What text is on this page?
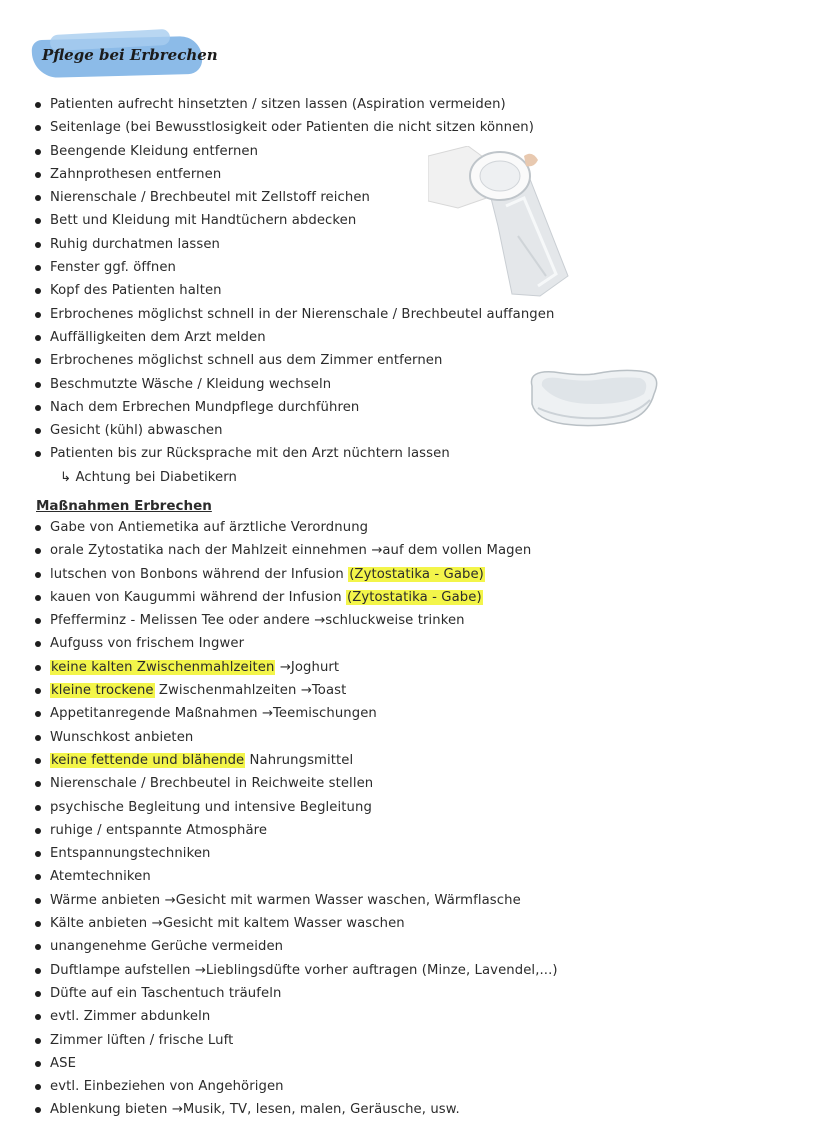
Pflege bei Erbrechen
Patienten aufrecht hinsetzten / sitzen lassen (Aspiration vermeiden)
Seitenlage (bei Bewusstlosigkeit oder Patienten die nicht sitzen können)
Beengende Kleidung entfernen
Zahnprothesen entfernen
Nierenschale / Brechbeutel mit Zellstoff reichen
Bett und Kleidung mit Handtüchern abdecken
Ruhig durchatmen lassen
Fenster ggf. öffnen
Kopf des Patienten halten
Erbrochenes möglichst schnell in der Nierenschale / Brechbeutel auffangen
Auffälligkeiten dem Arzt melden
Erbrochenes möglichst schnell aus dem Zimmer entfernen
Beschmutzte Wäsche / Kleidung wechseln
Nach dem Erbrechen Mundpflege durchführen
Gesicht (kühl) abwaschen
Patienten bis zur Rücksprache mit den Arzt nüchtern lassen
↳ Achtung bei Diabetikern
Maßnahmen Erbrechen
Gabe von Antiemetika auf ärztliche Verordnung
orale Zytostatika nach der Mahlzeit einnehmen →auf dem vollen Magen
lutschen von Bonbons während der Infusion (Zytostatika - Gabe)
kauen von Kaugummi während der Infusion (Zytostatika - Gabe)
Pfefferminz - Melissen Tee oder andere →schluckweise trinken
Aufguss von frischem Ingwer
keine kalten Zwischenmahlzeiten →Joghurt
kleine trockene Zwischenmahlzeiten →Toast
Appetitanregende Maßnahmen →Teemischungen
Wunschkost anbieten
keine fettende und blähende Nahrungsmittel
Nierenschale / Brechbeutel in Reichweite stellen
psychische Begleitung und intensive Begleitung
ruhige / entspannte Atmosphäre
Entspannungstechniken
Atemtechniken
Wärme anbieten →Gesicht mit warmen Wasser waschen, Wärmflasche
Kälte anbieten →Gesicht mit kaltem Wasser waschen
unangenehme Gerüche vermeiden
Duftlampe aufstellen →Lieblingsdüfte vorher auftragen (Minze, Lavendel,...)
Düfte auf ein Taschentuch träufeln
evtl. Zimmer abdunkeln
Zimmer lüften / frische Luft
ASE
evtl. Einbeziehen von Angehörigen
Ablenkung bieten →Musik, TV, lesen, malen, Geräusche, usw.
